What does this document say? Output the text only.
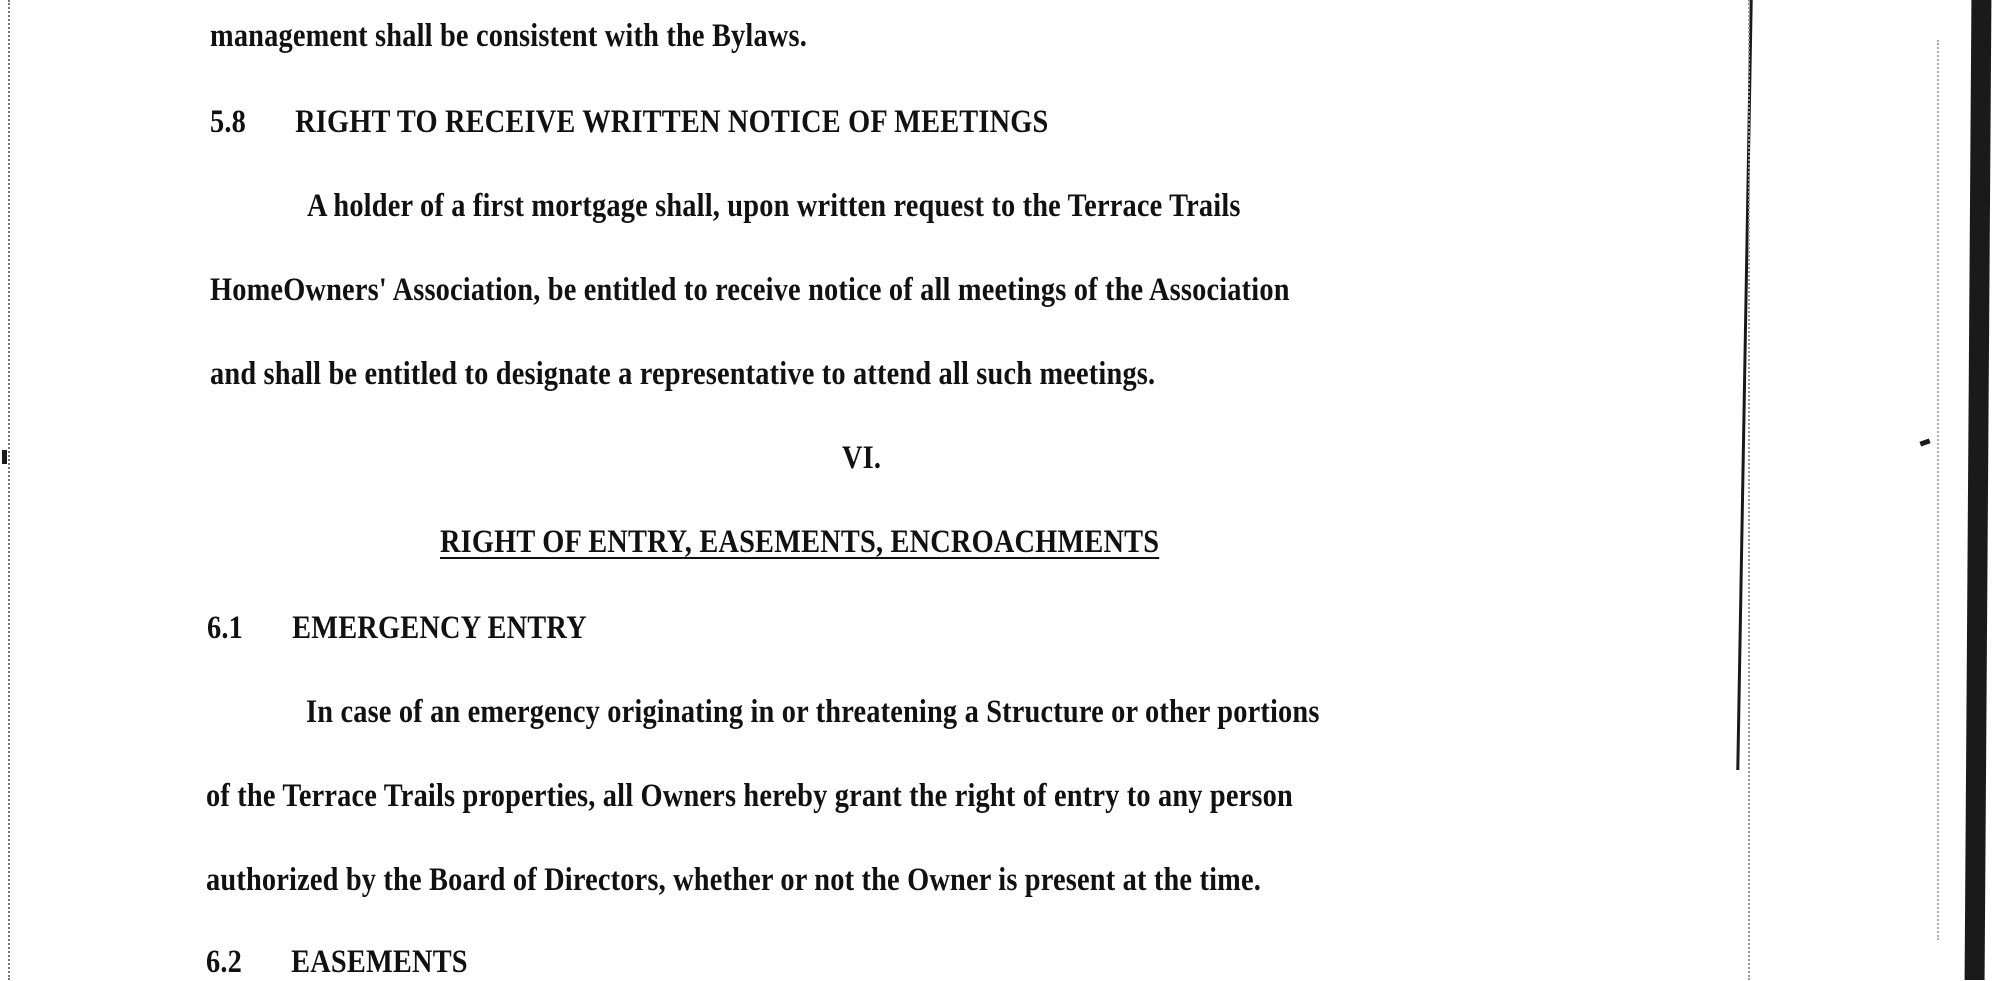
management shall be consistent with the Bylaws.
5.8 RIGHT TO RECEIVE WRITTEN NOTICE OF MEETINGS
A holder of a first mortgage shall, upon written request to the Terrace Trails
HomeOwners' Association, be entitled to receive notice of all meetings of the Association
and shall be entitled to designate a representative to attend all such meetings.
VI.
RIGHT OF ENTRY, EASEMENTS, ENCROACHMENTS
6.1 EMERGENCY ENTRY
In case of an emergency originating in or threatening a Structure or other portions
of the Terrace Trails properties, all Owners hereby grant the right of entry to any person
authorized by the Board of Directors, whether or not the Owner is present at the time.
6.2 EASEMENTS
